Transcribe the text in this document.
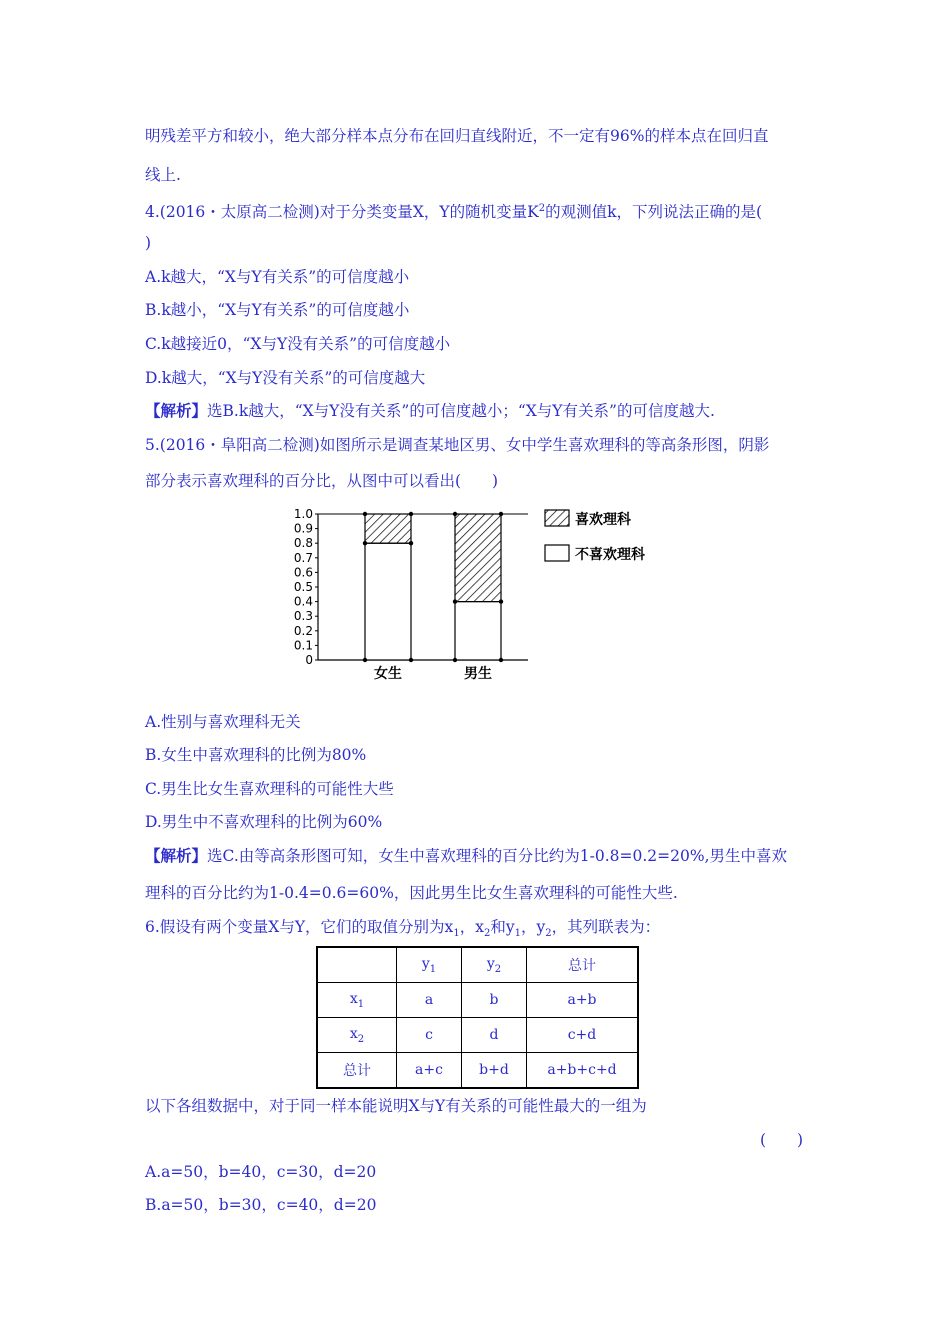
明残差平方和较小，绝大部分样本点分布在回归直线附近，不一定有96%的样本点在回归直
线上.
4.(2016・太原高二检测)对于分类变量X，Y的随机变量$K^2$的观测值k，下列说法正确的是(
)
A.k越大，“X与Y有关系”的可信度越小
B.k越小，“X与Y有关系”的可信度越小
C.k越接近0，“X与Y没有关系”的可信度越小
D.k越大，“X与Y没有关系”的可信度越大
【解析】选B.k越大，“X与Y没有关系”的可信度越小；“X与Y有关系”的可信度越大.
5.(2016・阜阳高二检测)如图所示是调查某地区男、女中学生喜欢理科的等高条形图，阴影
部分表示喜欢理科的百分比，从图中可以看出(　　)
0
0.1
0.2
0.3
0.4
0.5
0.6
0.7
0.8
0.9
1.0
女生	男生
喜欢理科
不喜欢理科
A.性别与喜欢理科无关
B.女生中喜欢理科的比例为80%
C.男生比女生喜欢理科的可能性大些
D.男生中不喜欢理科的比例为60%
【解析】选C.由等高条形图可知，女生中喜欢理科的百分比约为1-0.8=0.2=20%,男生中喜欢
理科的百分比约为1-0.4=0.6=60%，因此男生比女生喜欢理科的可能性大些.
6.假设有两个变量X与Y，它们的取值分别为$x_1$，$x_2$和$y_1$，$y_2$，其列联表为：
	$y_1$	$y_2$	总计
$x_1$	a	b	a+b
$x_2$	c	d	c+d
总计	a+c	b+d	a+b+c+d
以下各组数据中，对于同一样本能说明X与Y有关系的可能性最大的一组为
(　　)
A.a=50，b=40，c=30，d=20
B.a=50，b=30，c=40，d=20
